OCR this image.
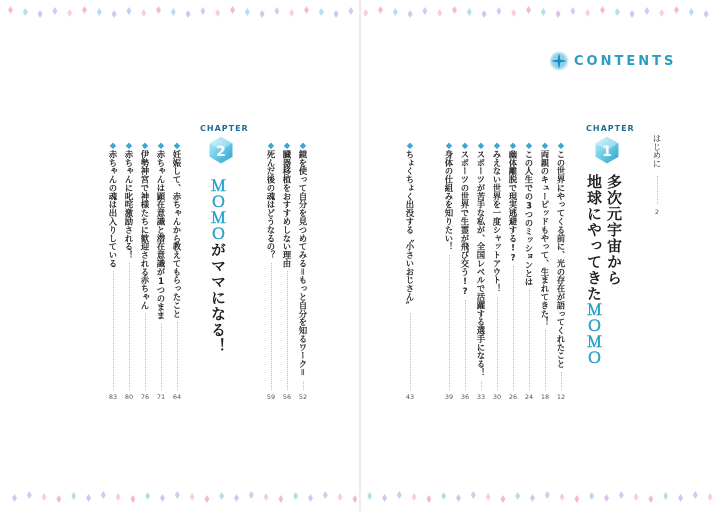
CONTENTS
はじめに
2
CHAPTER
1
多次元宇宙から
地球にやってきたＭＯＭＯ
◆この世界にやってくる前に、光の存在が語ってくれたこと
12
◆両親のキューピッドもやって、生まれてきた！
18
◆この人生での3つのミッションとは
24
◆幽体離脱で現実逃避する!?
26
◆みえない世界を一度シャットアウト！
30
◆スポーツが苦手な私が、全国レベルで活躍する選手になる！
33
◆スポーツの世界で生霊が飛び交う!?
36
◆身体の仕組みを知りたい！
39
◆ちょくちょく出没する〝小さいおじさん〟
43
CHAPTER
2
ＭＯＭＯがママになる！
◆鏡を使って自分を見つめてみる＝もっと自分を知るワーク＝
52
◆臓器移植をおすすめしない理由
56
◆死んだ後の魂はどうなるの？
59
◆妊娠して、赤ちゃんから教えてもらったこと
64
◆赤ちゃんは顕在意識と潜在意識が1つのまま
71
◆伊勢神宮で神様たちに歓迎される赤ちゃん
76
◆赤ちゃんに叱咤激励される！
80
◆赤ちゃんの魂は出入りしている
83
